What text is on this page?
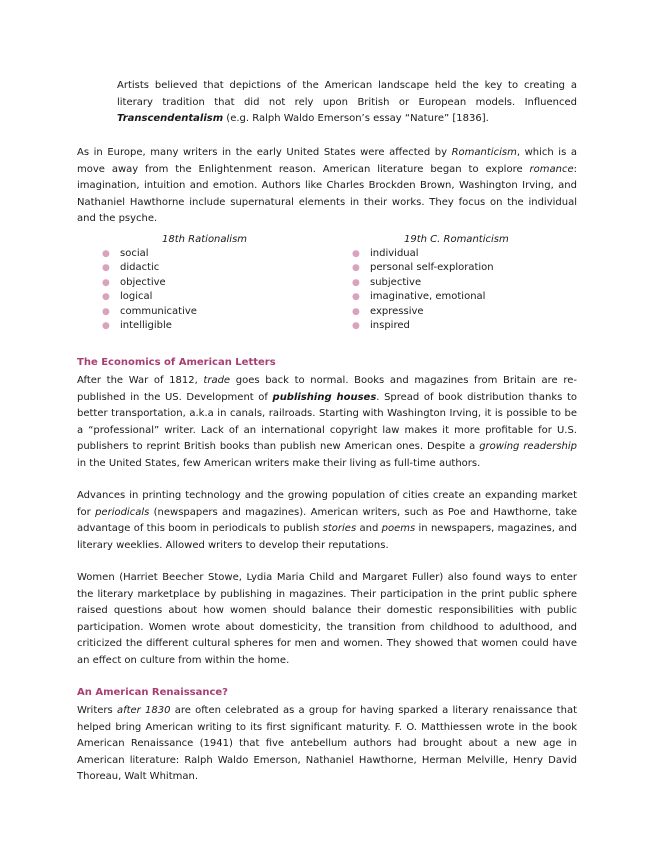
Artists believed that depictions of the American landscape held the key to creating a literary tradition that did not rely upon British or European models. Influenced Transcendentalism (e.g. Ralph Waldo Emerson’s essay “Nature” [1836].

As in Europe, many writers in the early United States were affected by Romanticism, which is a move away from the Enlightenment reason. American literature began to explore romance: imagination, intuition and emotion. Authors like Charles Brockden Brown, Washington Irving, and Nathaniel Hawthorne include supernatural elements in their works. They focus on the individual and the psyche.

18th Rationalism
● social
● didactic
● objective
● logical
● communicative
● intelligible
19th C. Romanticism
● individual
● personal self-exploration
● subjective
● imaginative, emotional
● expressive
● inspired
The Economics of American Letters

After the War of 1812, trade goes back to normal. Books and magazines from Britain are re-published in the US. Development of publishing houses. Spread of book distribution thanks to better transportation, a.k.a in canals, railroads. Starting with Washington Irving, it is possible to be a “professional” writer. Lack of an international copyright law makes it more profitable for U.S. publishers to reprint British books than publish new American ones. Despite a growing readership in the United States, few American writers make their living as full-time authors.

Advances in printing technology and the growing population of cities create an expanding market for periodicals (newspapers and magazines). American writers, such as Poe and Hawthorne, take advantage of this boom in periodicals to publish stories and poems in newspapers, magazines, and literary weeklies. Allowed writers to develop their reputations.

Women (Harriet Beecher Stowe, Lydia Maria Child and Margaret Fuller) also found ways to enter the literary marketplace by publishing in magazines. Their participation in the print public sphere raised questions about how women should balance their domestic responsibilities with public participation. Women wrote about domesticity, the transition from childhood to adulthood, and criticized the different cultural spheres for men and women. They showed that women could have an effect on culture from within the home.

An American Renaissance?

Writers after 1830 are often celebrated as a group for having sparked a literary renaissance that helped bring American writing to its first significant maturity. F. O. Matthiessen wrote in the book American Renaissance (1941) that five antebellum authors had brought about a new age in American literature: Ralph Waldo Emerson, Nathaniel Hawthorne, Herman Melville, Henry David Thoreau, Walt Whitman.
